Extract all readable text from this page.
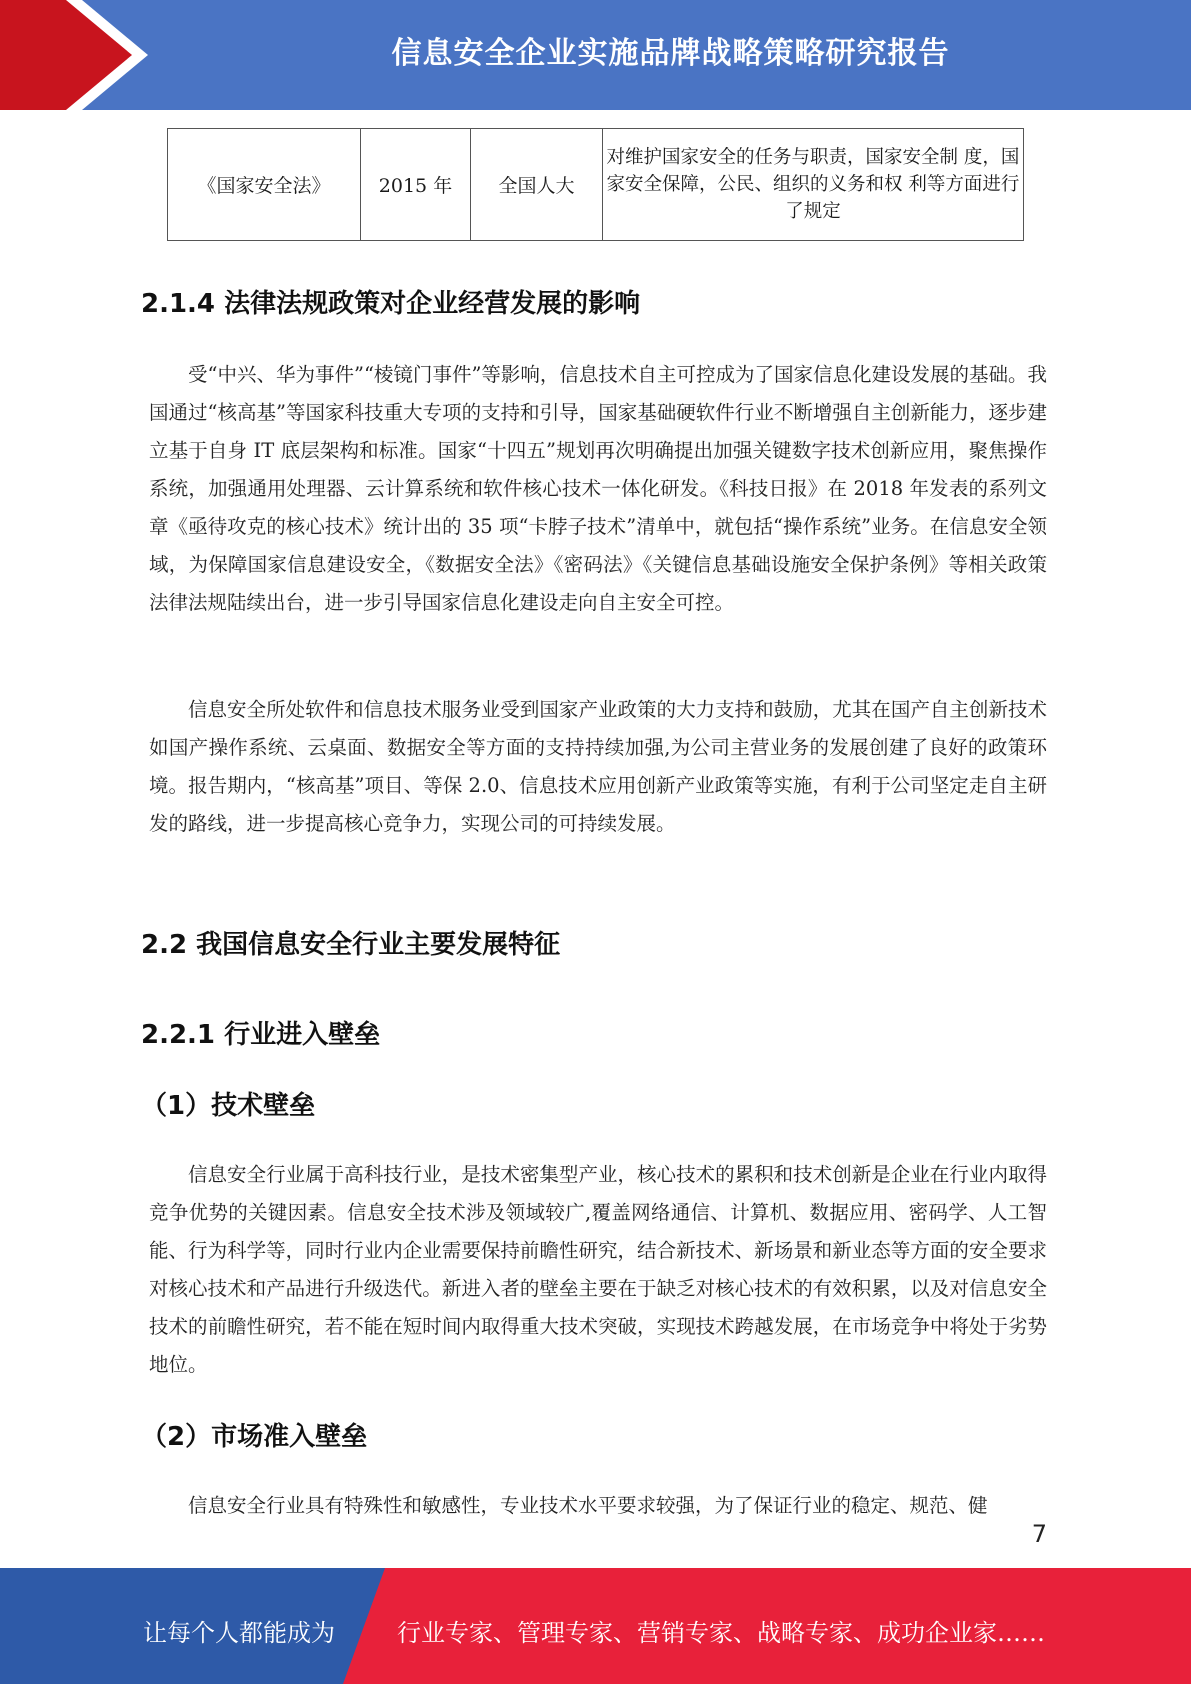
信息安全企业实施品牌战略策略研究报告
《国家安全法》	2015 年	全国人大	对维护国家安全的任务与职责，国家安全制 度，国家安全保障，公民、组织的义务和权 利等方面进行了规定
2.1.4 法律法规政策对企业经营发展的影响

受“中兴、华为事件”“棱镜门事件”等影响，信息技术自主可控成为了国家信息化建设发展的基础。我国通过“核高基”等国家科技重大专项的支持和引导，国家基础硬软件行业不断增强自主创新能力，逐步建立基于自身 IT 底层架构和标准。国家“十四五”规划再次明确提出加强关键数字技术创新应用，聚焦操作系统，加强通用处理器、云计算系统和软件核心技术一体化研发。《科技日报》在 2018 年发表的系列文章《亟待攻克的核心技术》统计出的 35 项“卡脖子技术”清单中，就包括“操作系统”业务。在信息安全领域，为保障国家信息建设安全，《数据安全法》《密码法》《关键信息基础设施安全保护条例》等相关政策法律法规陆续出台，进一步引导国家信息化建设走向自主安全可控。

信息安全所处软件和信息技术服务业受到国家产业政策的大力支持和鼓励，尤其在国产自主创新技术如国产操作系统、云桌面、数据安全等方面的支持持续加强,为公司主营业务的发展创建了良好的政策环境。报告期内，“核高基”项目、等保 2.0、信息技术应用创新产业政策等实施，有利于公司坚定走自主研发的路线，进一步提高核心竞争力，实现公司的可持续发展。

2.2 我国信息安全行业主要发展特征
2.2.1 行业进入壁垒
（1）技术壁垒

信息安全行业属于高科技行业，是技术密集型产业，核心技术的累积和技术创新是企业在行业内取得竞争优势的关键因素。信息安全技术涉及领域较广,覆盖网络通信、计算机、数据应用、密码学、人工智能、行为科学等，同时行业内企业需要保持前瞻性研究，结合新技术、新场景和新业态等方面的安全要求对核心技术和产品进行升级迭代。新进入者的壁垒主要在于缺乏对核心技术的有效积累，以及对信息安全技术的前瞻性研究，若不能在短时间内取得重大技术突破，实现技术跨越发展，在市场竞争中将处于劣势地位。

（2）市场准入壁垒

信息安全行业具有特殊性和敏感性，专业技术水平要求较强，为了保证行业的稳定、规范、健

7
让每个人都能成为	行业专家、管理专家、营销专家、战略专家、成功企业家……
